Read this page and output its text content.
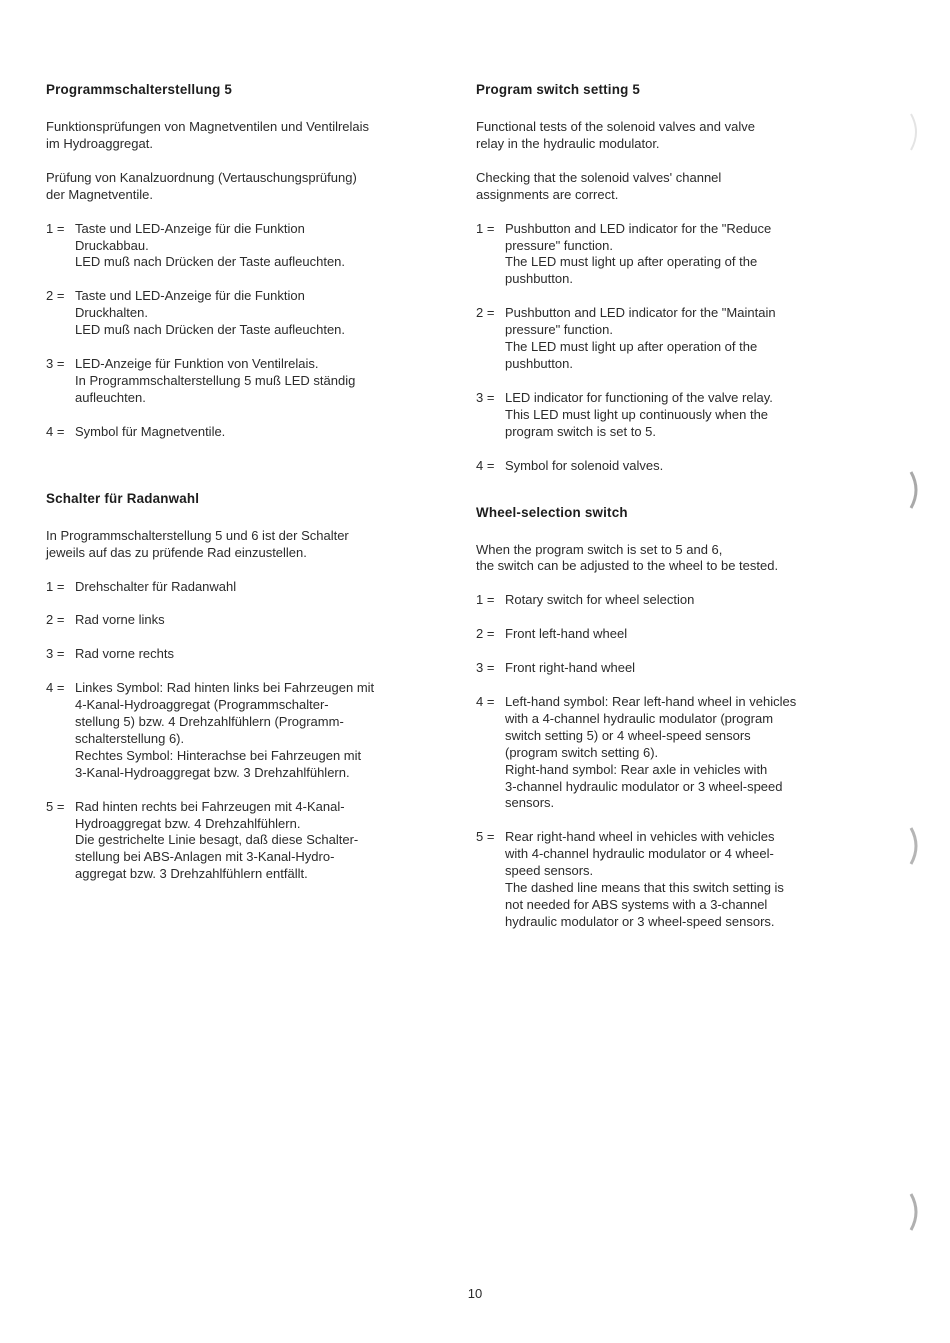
Programmschalterstellung 5
Funktionsprüfungen von Magnetventilen und Ventilrelais
im Hydroaggregat.
Prüfung von Kanalzuordnung (Vertauschungsprüfung)
der Magnetventile.
1 = Taste und LED-Anzeige für die Funktion
Druckabbau.
LED muß nach Drücken der Taste aufleuchten.
2 = Taste und LED-Anzeige für die Funktion
Druckhalten.
LED muß nach Drücken der Taste aufleuchten.
3 = LED-Anzeige für Funktion von Ventilrelais.
In Programmschalterstellung 5 muß LED ständig
aufleuchten.
4 = Symbol für Magnetventile.
Schalter für Radanwahl
In Programmschalterstellung 5 und 6 ist der Schalter
jeweils auf das zu prüfende Rad einzustellen.
1 = Drehschalter für Radanwahl
2 = Rad vorne links
3 = Rad vorne rechts
4 = Linkes Symbol: Rad hinten links bei Fahrzeugen mit
4-Kanal-Hydroaggregat (Programmschalter-
stellung 5) bzw. 4 Drehzahlfühlern (Programm-
schalterstellung 6).
Rechtes Symbol: Hinterachse bei Fahrzeugen mit
3-Kanal-Hydroaggregat bzw. 3 Drehzahlfühlern.
5 = Rad hinten rechts bei Fahrzeugen mit 4-Kanal-
Hydroaggregat bzw. 4 Drehzahlfühlern.
Die gestrichelte Linie besagt, daß diese Schalter-
stellung bei ABS-Anlagen mit 3-Kanal-Hydro-
aggregat bzw. 3 Drehzahlfühlern entfällt.
Program switch setting 5
Functional tests of the solenoid valves and valve
relay in the hydraulic modulator.
Checking that the solenoid valves' channel
assignments are correct.
1 = Pushbutton and LED indicator for the "Reduce
pressure" function.
The LED must light up after operating of the
pushbutton.
2 = Pushbutton and LED indicator for the "Maintain
pressure" function.
The LED must light up after operation of the
pushbutton.
3 = LED indicator for functioning of the valve relay.
This LED must light up continuously when the
program switch is set to 5.
4 = Symbol for solenoid valves.
Wheel-selection switch
When the program switch is set to 5 and 6,
the switch can be adjusted to the wheel to be tested.
1 = Rotary switch for wheel selection
2 = Front left-hand wheel
3 = Front right-hand wheel
4 = Left-hand symbol: Rear left-hand wheel in vehicles
with a 4-channel hydraulic modulator (program
switch setting 5) or 4 wheel-speed sensors
(program switch setting 6).
Right-hand symbol: Rear axle in vehicles with
3-channel hydraulic modulator or 3 wheel-speed
sensors.
5 = Rear right-hand wheel in vehicles with vehicles
with 4-channel hydraulic modulator or 4 wheel-
speed sensors.
The dashed line means that this switch setting is
not needed for ABS systems with a 3-channel
hydraulic modulator or 3 wheel-speed sensors.
10
